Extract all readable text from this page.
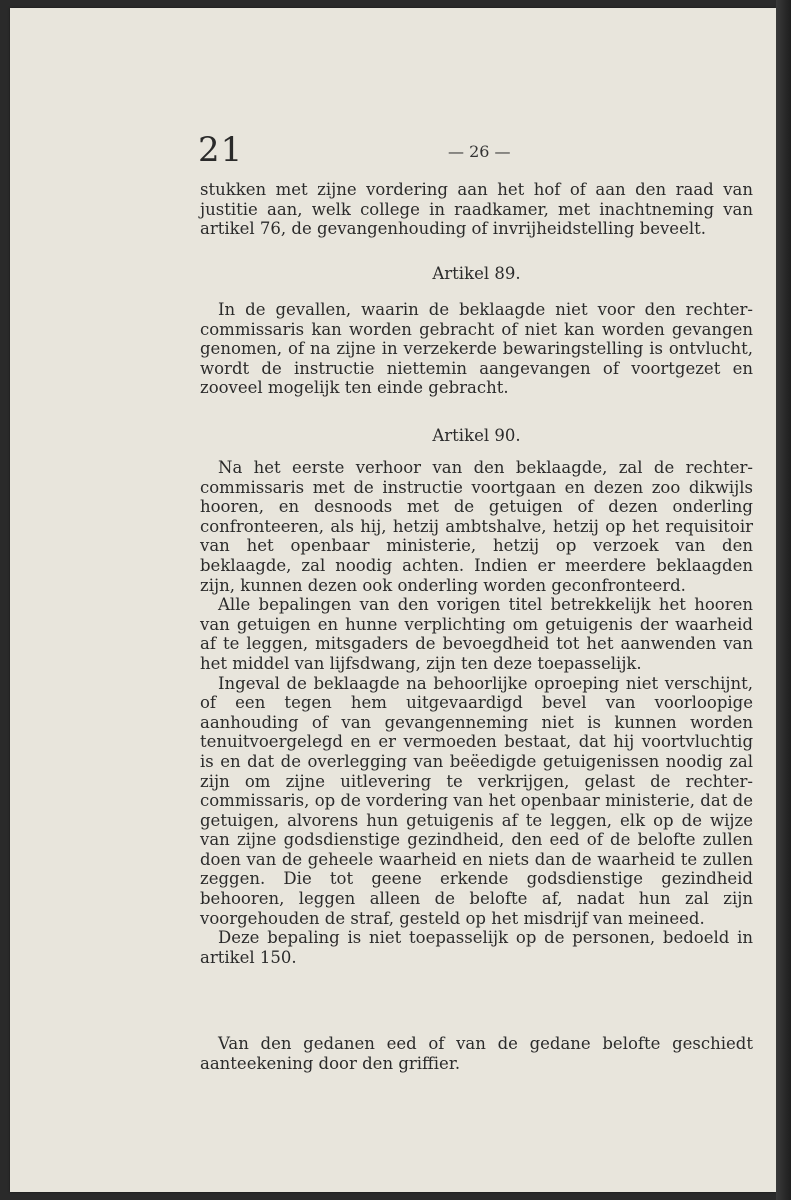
21	— 26 —

stukken met zijne vordering aan het hof of aan den raad van justitie aan, welk college in raadkamer, met inachtneming van artikel 76, de gevangenhouding of invrijheidstelling beveelt.

Artikel 89.

In de gevallen, waarin de beklaagde niet voor den rechter-commissaris kan worden gebracht of niet kan worden gevangen genomen, of na zijne in verzekerde bewaringstelling is ontvlucht, wordt de instructie niettemin aangevangen of voortgezet en zooveel mogelijk ten einde gebracht.

Artikel 90.

Na het eerste verhoor van den beklaagde, zal de rechter-commissaris met de instructie voortgaan en dezen zoo dikwijls hooren, en desnoods met de getuigen of dezen onderling confronteeren, als hij, hetzij ambtshalve, hetzij op het requisitoir van het openbaar ministerie, hetzij op verzoek van den beklaagde, zal noodig achten. Indien er meerdere beklaagden zijn, kunnen dezen ook onderling worden geconfronteerd.

Alle bepalingen van den vorigen titel betrekkelijk het hooren van getuigen en hunne verplichting om getuigenis der waarheid af te leggen, mitsgaders de bevoegdheid tot het aanwenden van het middel van lijfsdwang, zijn ten deze toepasselijk.

Ingeval de beklaagde na behoorlijke oproeping niet verschijnt, of een tegen hem uitgevaardigd bevel van voorloopige aanhouding of van gevangenneming niet is kunnen worden tenuitvoergelegd en er vermoeden bestaat, dat hij voortvluchtig is en dat de overlegging van beëedigde getuigenissen noodig zal zijn om zijne uitlevering te verkrijgen, gelast de rechter-commissaris, op de vordering van het openbaar ministerie, dat de getuigen, alvorens hun getuigenis af te leggen, elk op de wijze van zijne godsdienstige gezindheid, den eed of de belofte zullen doen van de geheele waarheid en niets dan de waarheid te zullen zeggen. Die tot geene erkende godsdienstige gezindheid behooren, leggen alleen de belofte af, nadat hun zal zijn voorgehouden de straf, gesteld op het misdrijf van meineed.

Deze bepaling is niet toepasselijk op de personen, bedoeld in artikel 150.

Van den gedanen eed of van de gedane belofte geschiedt aanteekening door den griffier.
